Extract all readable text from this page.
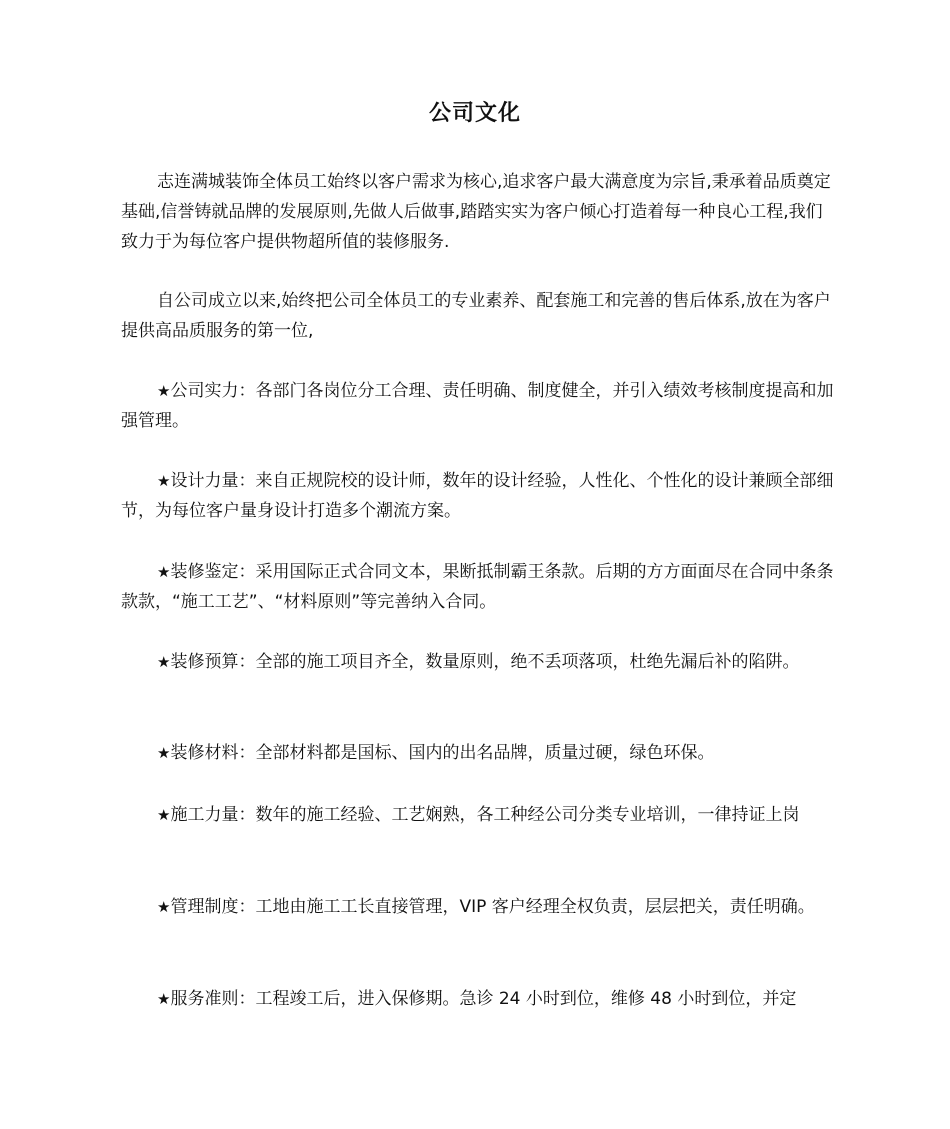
公司文化

志连满城装饰全体员工始终以客户需求为核心,追求客户最大满意度为宗旨,秉承着品质奠定基础,信誉铸就品牌的发展原则,先做人后做事,踏踏实实为客户倾心打造着每一种良心工程,我们致力于为每位客户提供物超所值的装修服务.

自公司成立以来,始终把公司全体员工的专业素养、配套施工和完善的售后体系,放在为客户提供高品质服务的第一位,

★公司实力：各部门各岗位分工合理、责任明确、制度健全，并引入绩效考核制度提高和加强管理。

★设计力量：来自正规院校的设计师，数年的设计经验，人性化、个性化的设计兼顾全部细节，为每位客户量身设计打造多个潮流方案。

★装修鉴定：采用国际正式合同文本，果断抵制霸王条款。后期的方方面面尽在合同中条条款款，“施工工艺”、“材料原则”等完善纳入合同。

★装修预算：全部的施工项目齐全，数量原则，绝不丢项落项，杜绝先漏后补的陷阱。

★装修材料：全部材料都是国标、国内的出名品牌，质量过硬，绿色环保。

★施工力量：数年的施工经验、工艺娴熟，各工种经公司分类专业培训，一律持证上岗

★管理制度：工地由施工工长直接管理，VIP 客户经理全权负责，层层把关，责任明确。

★服务准则：工程竣工后，进入保修期。急诊 24 小时到位，维修 48 小时到位，并定
